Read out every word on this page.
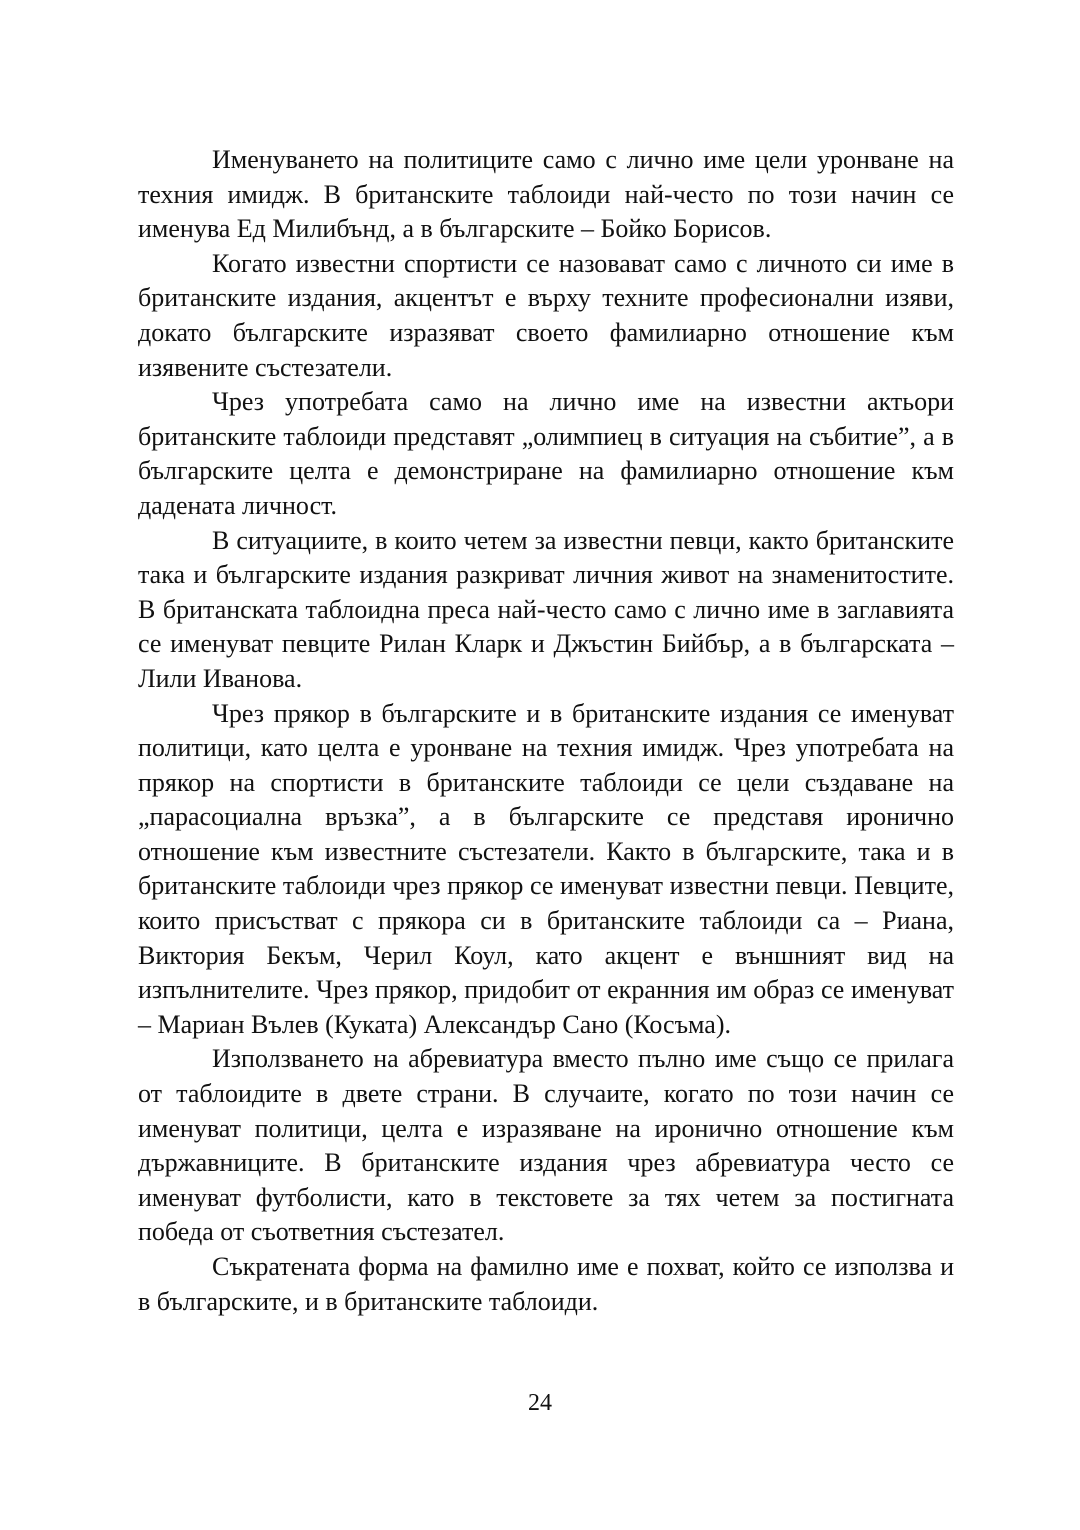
Именуването на политиците само с лично име цели уронване на техния имидж. В британските таблоиди най-често по този начин се именува Ед Милибънд, а в българските – Бойко Борисов.

Когато известни спортисти се назовават само с личното си име в британските издания, акцентът е върху техните професионални изяви, докато българските изразяват своето фамилиарно отношение към изявените състезатели.

Чрез употребата само на лично име на известни актьори британските таблоиди представят „олимпиец в ситуация на събитие”, а в българските целта е демонстриране на фамилиарно отношение към дадената личност.

В ситуациите, в които четем за известни певци, както британските така и българските издания разкриват личния живот на знаменитостите. В британската таблоидна преса най-често само с лично име в заглавията се именуват певците Рилан Кларк и Джъстин Бийбър, а в българската – Лили Иванова.

Чрез прякор в българските и в британските издания се именуват политици, като целта е уронване на техния имидж. Чрез употребата на прякор на спортисти в британските таблоиди се цели създаване на „парасоциална връзка”, а в българските се представя иронично отношение към известните състезатели. Както в българските, така и в британските таблоиди чрез прякор се именуват известни певци. Певците, които присъстват с прякора си в британските таблоиди са – Риана, Виктория Бекъм, Черил Коул, като акцент е външният вид на изпълнителите. Чрез прякор, придобит от екранния им образ се именуват – Мариан Вълев (Куката) Александър Сано (Косъма).

Използването на абревиатура вместо пълно име също се прилага от таблоидите в двете страни. В случаите, когато по този начин се именуват политици, целта е изразяване на иронично отношение към държавниците. В британските издания чрез абревиатура често се именуват футболисти, като в текстовете за тях четем за постигната победа от съответния състезател.

Съкратената форма на фамилно име е похват, който се използва и в българските, и в британските таблоиди.

24
